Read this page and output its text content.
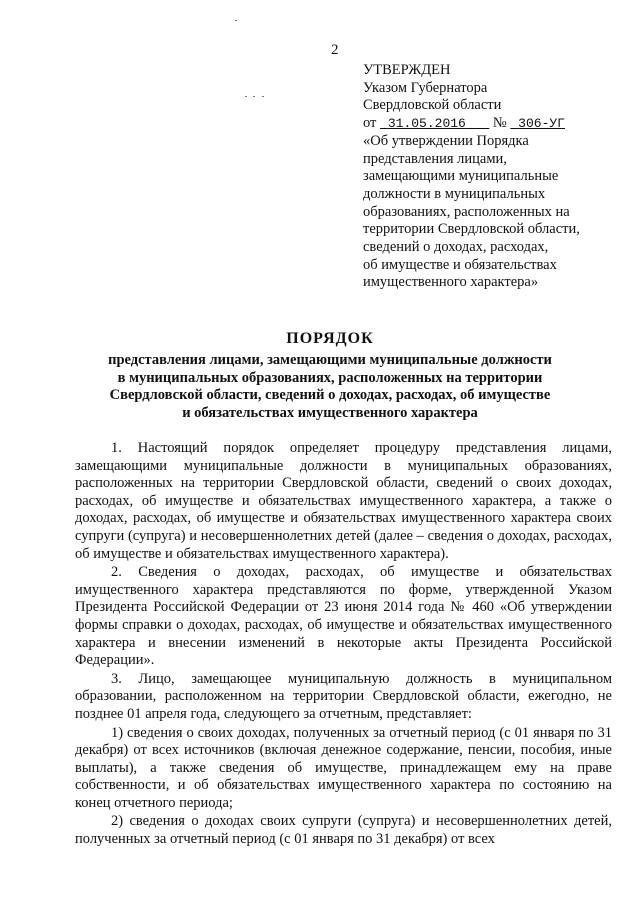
2
УТВЕРЖДЕН
Указом Губернатора
Свердловской области
от 31.05.2016 № 306-УГ
«Об утверждении Порядка
представления лицами,
замещающими муниципальные
должности в муниципальных
образованиях, расположенных на
территории Свердловской области,
сведений о доходах, расходах,
об имуществе и обязательствах
имущественного характера»
ПОРЯДОК
представления лицами, замещающими муниципальные должности
в муниципальных образованиях, расположенных на территории
Свердловской области, сведений о доходах, расходах, об имуществе
и обязательствах имущественного характера

1. Настоящий порядок определяет процедуру представления лицами, замещающими муниципальные должности в муниципальных образованиях, расположенных на территории Свердловской области, сведений о своих доходах, расходах, об имуществе и обязательствах имущественного характера, а также о доходах, расходах, об имуществе и обязательствах имущественного характера своих супруги (супруга) и несовершеннолетних детей (далее – сведения о доходах, расходах, об имуществе и обязательствах имущественного характера).

2. Сведения о доходах, расходах, об имуществе и обязательствах имущественного характера представляются по форме, утвержденной Указом Президента Российской Федерации от 23 июня 2014 года № 460 «Об утверждении формы справки о доходах, расходах, об имуществе и обязательствах имущественного характера и внесении изменений в некоторые акты Президента Российской Федерации».

3. Лицо, замещающее муниципальную должность в муниципальном образовании, расположенном на территории Свердловской области, ежегодно, не позднее 01 апреля года, следующего за отчетным, представляет:

1) сведения о своих доходах, полученных за отчетный период (с 01 января по 31 декабря) от всех источников (включая денежное содержание, пенсии, пособия, иные выплаты), а также сведения об имуществе, принадлежащем ему на праве собственности, и об обязательствах имущественного характера по состоянию на конец отчетного периода;

2) сведения о доходах своих супруги (супруга) и несовершеннолетних детей, полученных за отчетный период (с 01 января по 31 декабря) от всех
